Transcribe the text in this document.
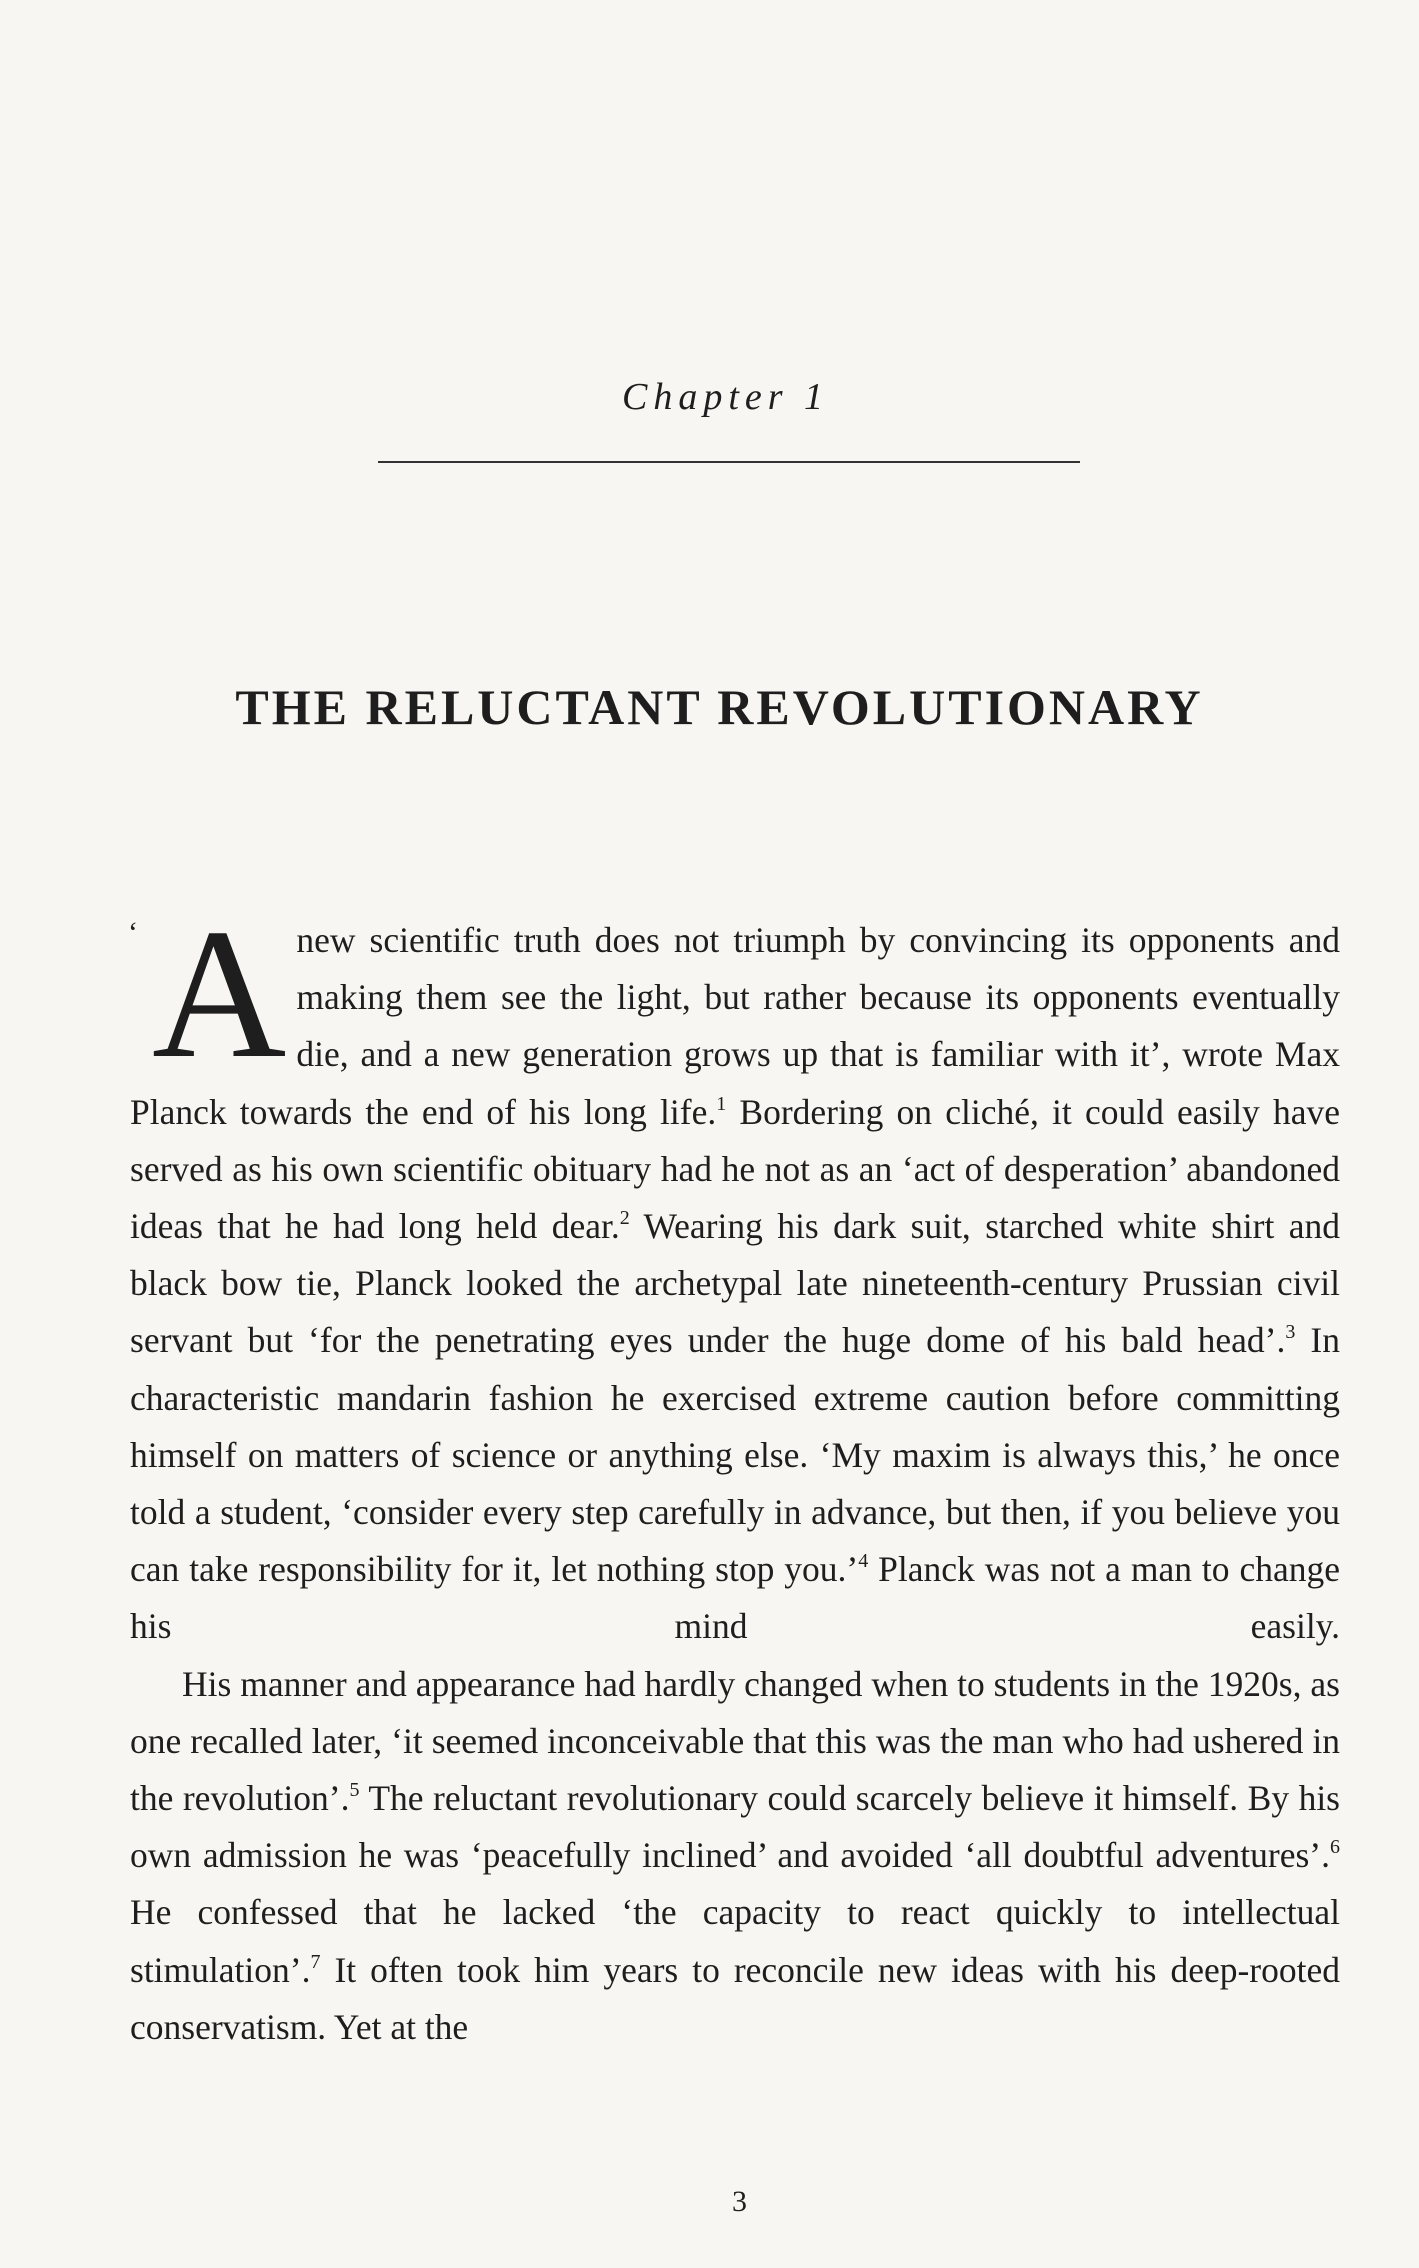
Chapter 1
THE RELUCTANT REVOLUTIONARY

‘ A new scientific truth does not triumph by convincing its opponents and making them see the light, but rather because its opponents eventually die, and a new generation grows up that is familiar with it’, wrote Max Planck towards the end of his long life.$^1$ Bordering on cliché, it could easily have served as his own scientific obituary had he not as an ‘act of desperation’ abandoned ideas that he had long held dear.$^2$ Wearing his dark suit, starched white shirt and black bow tie, Planck looked the archetypal late nineteenth-century Prussian civil servant but ‘for the penetrating eyes under the huge dome of his bald head’.$^3$ In characteristic mandarin fashion he exercised extreme caution before committing himself on matters of science or anything else. ‘My maxim is always this,’ he once told a student, ‘consider every step carefully in advance, but then, if you believe you can take responsibility for it, let nothing stop you.’$^4$ Planck was not a man to change his mind easily.

His manner and appearance had hardly changed when to students in the 1920s, as one recalled later, ‘it seemed inconceivable that this was the man who had ushered in the revolution’.$^5$ The reluctant revolutionary could scarcely believe it himself. By his own admission he was ‘peacefully inclined’ and avoided ‘all doubtful adventures’.$^6$ He confessed that he lacked ‘the capacity to react quickly to intellectual stimulation’.$^7$ It often took him years to reconcile new ideas with his deep-rooted conservatism. Yet at the

3
